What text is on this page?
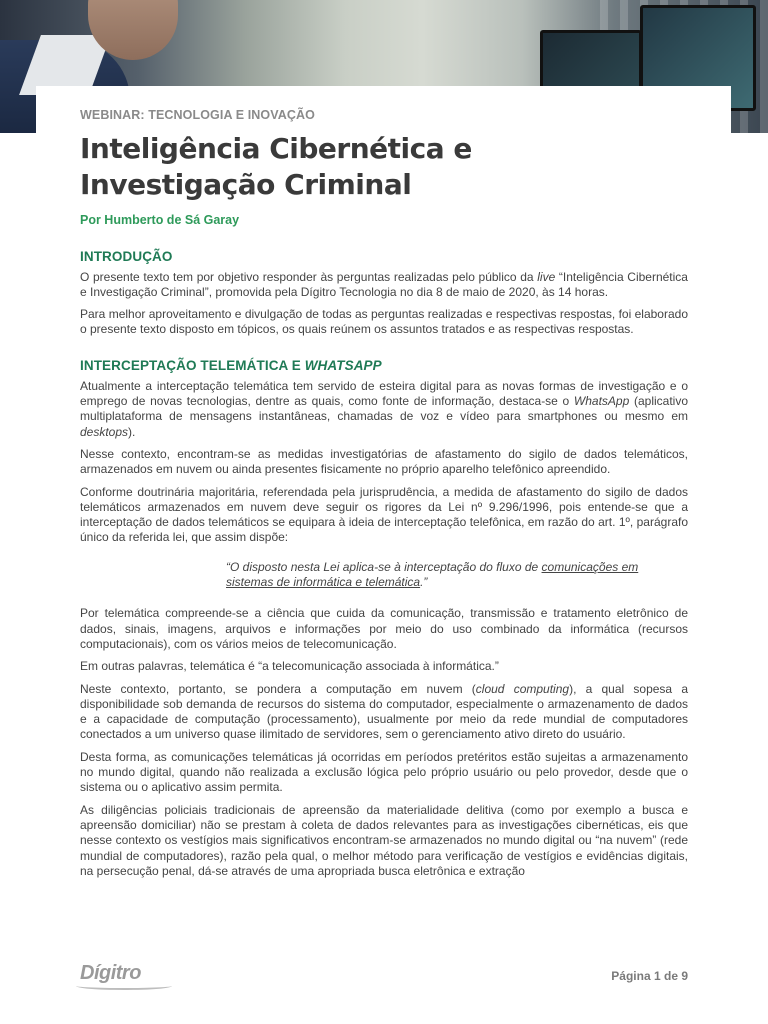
WEBINAR: TECNOLOGIA E INOVAÇÃO

Inteligência Cibernética e
Investigação Criminal

Por Humberto de Sá Garay

INTRODUÇÃO

O presente texto tem por objetivo responder às perguntas realizadas pelo público da live “Inteligência Cibernética e Investigação Criminal”, promovida pela Dígitro Tecnologia no dia 8 de maio de 2020, às 14 horas.

Para melhor aproveitamento e divulgação de todas as perguntas realizadas e respectivas respostas, foi elaborado o presente texto disposto em tópicos, os quais reúnem os assuntos tratados e as respectivas respostas.

INTERCEPTAÇÃO TELEMÁTICA E WHATSAPP

Atualmente a interceptação telemática tem servido de esteira digital para as novas formas de investigação e o emprego de novas tecnologias, dentre as quais, como fonte de informação, destaca-se o WhatsApp (aplicativo multiplataforma de mensagens instantâneas, chamadas de voz e vídeo para smartphones ou mesmo em desktops).

Nesse contexto, encontram-se as medidas investigatórias de afastamento do sigilo de dados telemáticos, armazenados em nuvem ou ainda presentes fisicamente no próprio aparelho telefônico apreendido.

Conforme doutrinária majoritária, referendada pela jurisprudência, a medida de afastamento do sigilo de dados telemáticos armazenados em nuvem deve seguir os rigores da Lei nº 9.296/1996, pois entende-se que a interceptação de dados telemáticos se equipara à ideia de interceptação telefônica, em razão do art. 1º, parágrafo único da referida lei, que assim dispõe:

“O disposto nesta Lei aplica-se à interceptação do fluxo de comunicações em sistemas de informática e telemática.”

Por telemática compreende-se a ciência que cuida da comunicação, transmissão e tratamento eletrônico de dados, sinais, imagens, arquivos e informações por meio do uso combinado da informática (recursos computacionais), com os vários meios de telecomunicação.

Em outras palavras, telemática é “a telecomunicação associada à informática.”

Neste contexto, portanto, se pondera a computação em nuvem (cloud computing), a qual sopesa a disponibilidade sob demanda de recursos do sistema do computador, especialmente o armazenamento de dados e a capacidade de computação (processamento), usualmente por meio da rede mundial de computadores conectados a um universo quase ilimitado de servidores, sem o gerenciamento ativo direto do usuário.

Desta forma, as comunicações telemáticas já ocorridas em períodos pretéritos estão sujeitas a armazenamento no mundo digital, quando não realizada a exclusão lógica pelo próprio usuário ou pelo provedor, desde que o sistema ou o aplicativo assim permita.

As diligências policiais tradicionais de apreensão da materialidade delitiva (como por exemplo a busca e apreensão domiciliar) não se prestam à coleta de dados relevantes para as investigações cibernéticas, eis que nesse contexto os vestígios mais significativos encontram-se armazenados no mundo digital ou “na nuvem” (rede mundial de computadores), razão pela qual, o melhor método para verificação de vestígios e evidências digitais, na persecução penal, dá-se através de uma apropriada busca eletrônica e extração

Dígitro	Página 1 de 9
